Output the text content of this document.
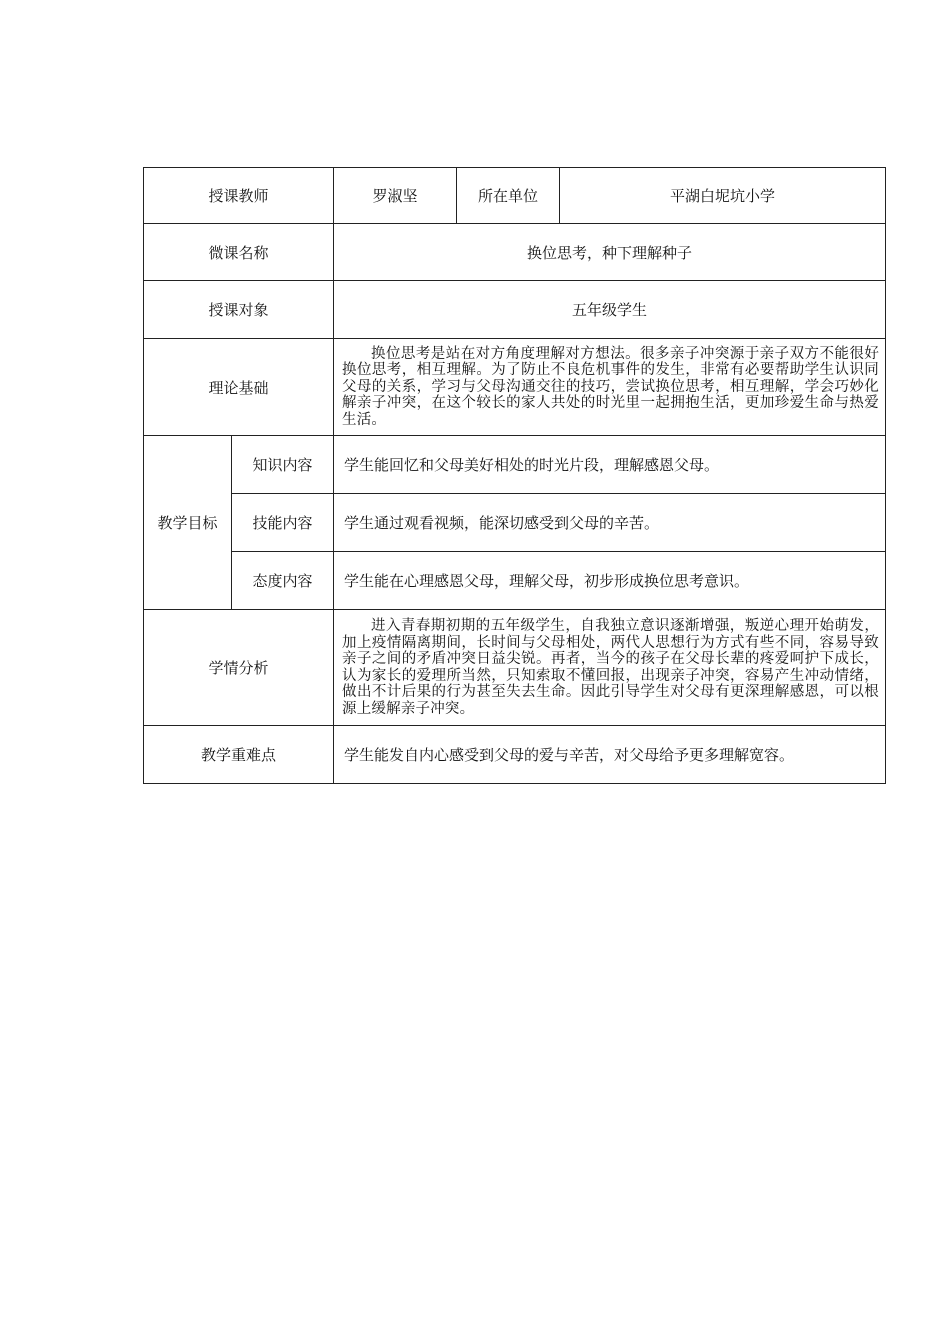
授课教师		罗淑坚	所在单位	平湖白坭坑小学
微课名称		换位思考，种下理解种子		
授课对象		五年级学生		
理论基础		换位思考是站在对方角度理解对方想法。很多亲子冲突源于亲子双方不能很好换位思考，相互理解。为了防止不良危机事件的发生，非常有必要帮助学生认识同父母的关系，学习与父母沟通交往的技巧，尝试换位思考，相互理解，学会巧妙化解亲子冲突，在这个较长的家人共处的时光里一起拥抱生活，更加珍爱生命与热爱生活。		
教学目标	知识内容	学生能回忆和父母美好相处的时光片段，理解感恩父母。		
	技能内容	学生通过观看视频，能深切感受到父母的辛苦。		
	态度内容	学生能在心理感恩父母，理解父母，初步形成换位思考意识。		
学情分析		进入青春期初期的五年级学生，自我独立意识逐渐增强，叛逆心理开始萌发，加上疫情隔离期间，长时间与父母相处，两代人思想行为方式有些不同，容易导致亲子之间的矛盾冲突日益尖锐。再者，当今的孩子在父母长辈的疼爱呵护下成长，认为家长的爱理所当然，只知索取不懂回报，出现亲子冲突，容易产生冲动情绪，做出不计后果的行为甚至失去生命。因此引导学生对父母有更深理解感恩，可以根源上缓解亲子冲突。		
教学重难点		学生能发自内心感受到父母的爱与辛苦，对父母给予更多理解宽容。		
